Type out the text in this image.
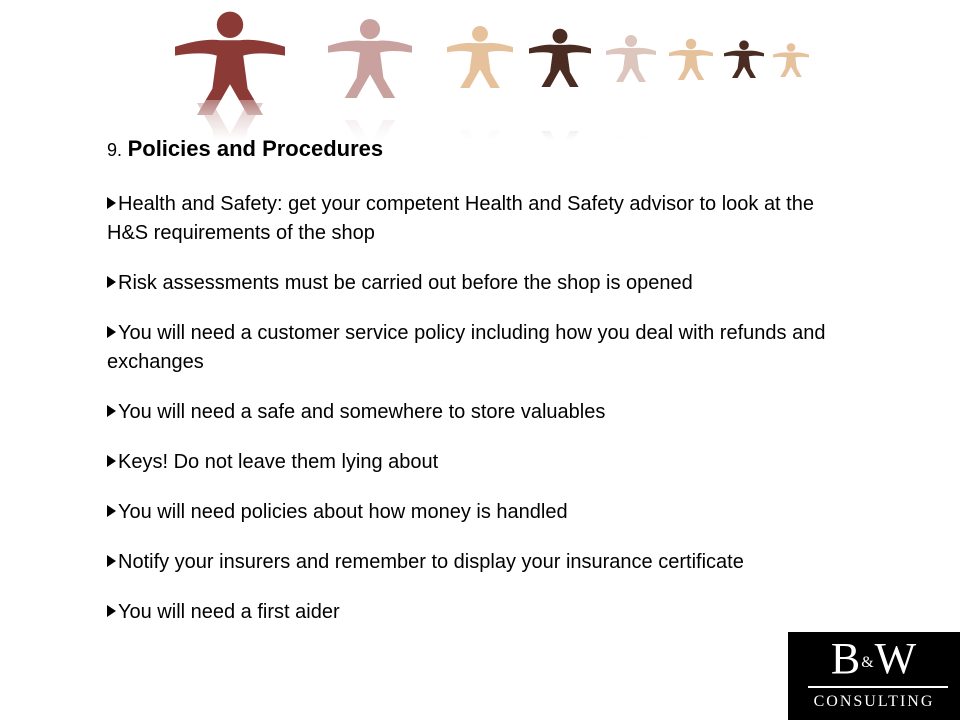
9. Policies and Procedures

Health and Safety: get your competent Health and Safety advisor to look at the H&S requirements of the shop

Risk assessments must be carried out before the shop is opened

You will need a customer service policy including how you deal with refunds and exchanges

You will need a safe and somewhere to store valuables

Keys! Do not leave them lying about

You will need policies about how money is handled

Notify your insurers and remember to display your insurance certificate

You will need a first aider

B&W
CONSULTING
